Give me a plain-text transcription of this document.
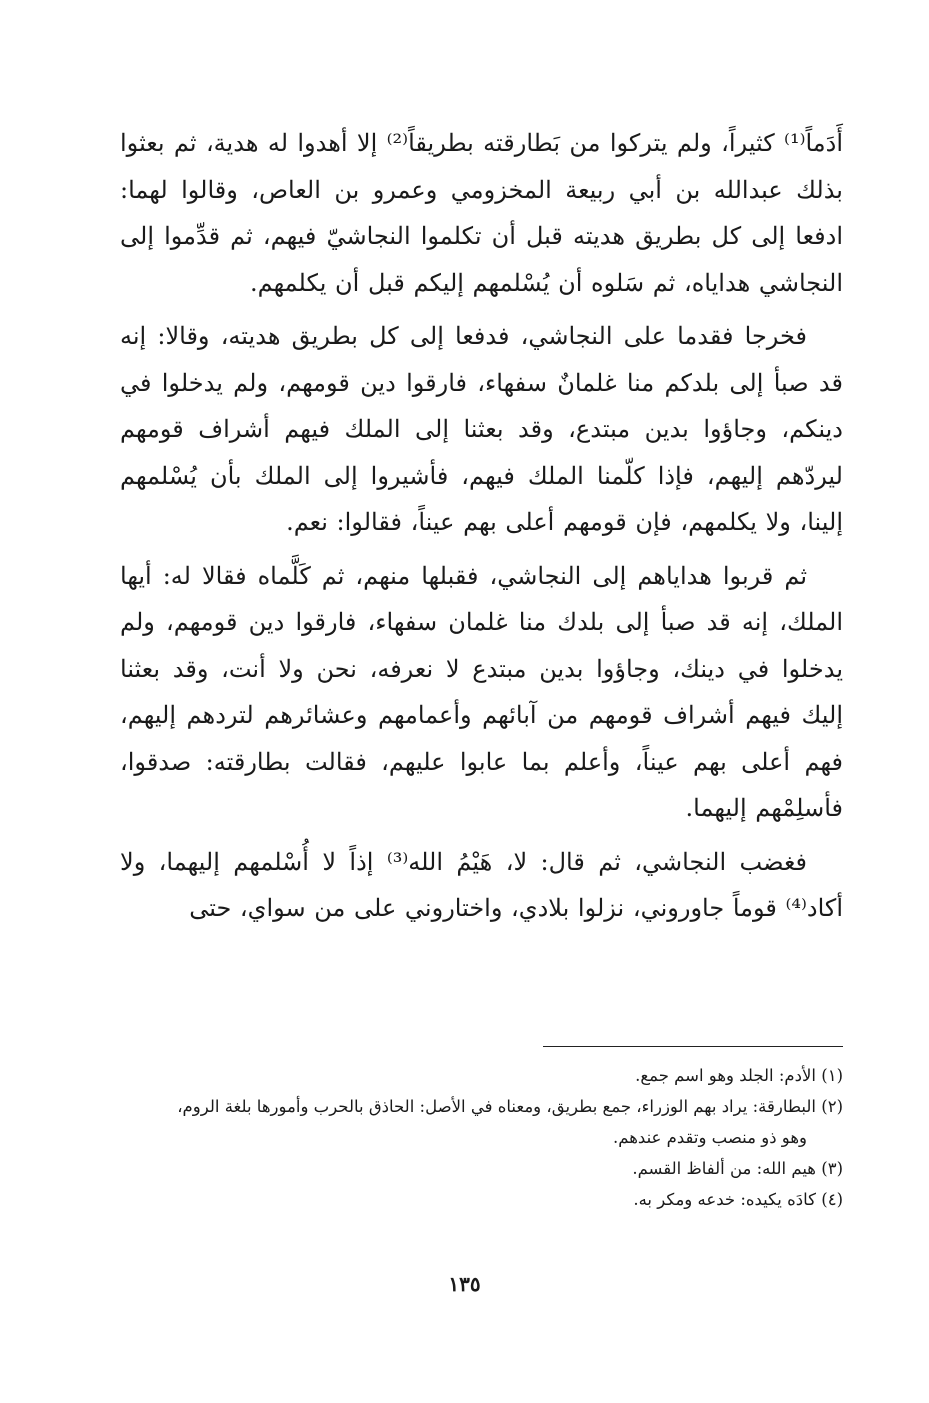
أَدَماً⁽¹⁾ كثيراً، ولم يتركوا من بَطارقته بطريقاً⁽²⁾ إلا أهدوا له هدية، ثم بعثوا بذلك عبدالله بن أبي ربيعة المخزومي وعمرو بن العاص، وقالوا لهما: ادفعا إلى كل بطريق هديته قبل أن تكلموا النجاشيّ فيهم، ثم قدِّموا إلى النجاشي هداياه، ثم سَلوه أن يُسْلمهم إليكم قبل أن يكلمهم.

فخرجا فقدما على النجاشي، فدفعا إلى كل بطريق هديته، وقالا: إنه قد صبأ إلى بلدكم منا غلمانٌ سفهاء، فارقوا دين قومهم، ولم يدخلوا في دينكم، وجاؤوا بدين مبتدع، وقد بعثنا إلى الملك فيهم أشراف قومهم ليردّهم إليهم، فإذا كلّمنا الملك فيهم، فأشيروا إلى الملك بأن يُسْلمهم إلينا، ولا يكلمهم، فإن قومهم أعلى بهم عيناً، فقالوا: نعم.

ثم قربوا هداياهم إلى النجاشي، فقبلها منهم، ثم كَلَّماه فقالا له: أيها الملك، إنه قد صبأ إلى بلدك منا غلمان سفهاء، فارقوا دين قومهم، ولم يدخلوا في دينك، وجاؤوا بدين مبتدع لا نعرفه، نحن ولا أنت، وقد بعثنا إليك فيهم أشراف قومهم من آبائهم وأعمامهم وعشائرهم لتردهم إليهم، فهم أعلى بهم عيناً، وأعلم بما عابوا عليهم، فقالت بطارقته: صدقوا، فأسلِمْهم إليهما.

فغضب النجاشي، ثم قال: لا، هَيْمُ الله⁽³⁾ إذاً لا أُسْلمهم إليهما، ولا أكاد⁽⁴⁾ قوماً جاوروني، نزلوا بلادي، واختاروني على من سواي، حتى

(١) الأدم: الجلد وهو اسم جمع.

(٢) البطارقة: يراد بهم الوزراء، جمع بطريق، ومعناه في الأصل: الحاذق بالحرب وأمورها بلغة الروم،
وهو ذو منصب وتقدم عندهم.

(٣) هيم الله: من ألفاظ القسم.

(٤) كادَه يكيده: خدعه ومكر به.

١٣٥
